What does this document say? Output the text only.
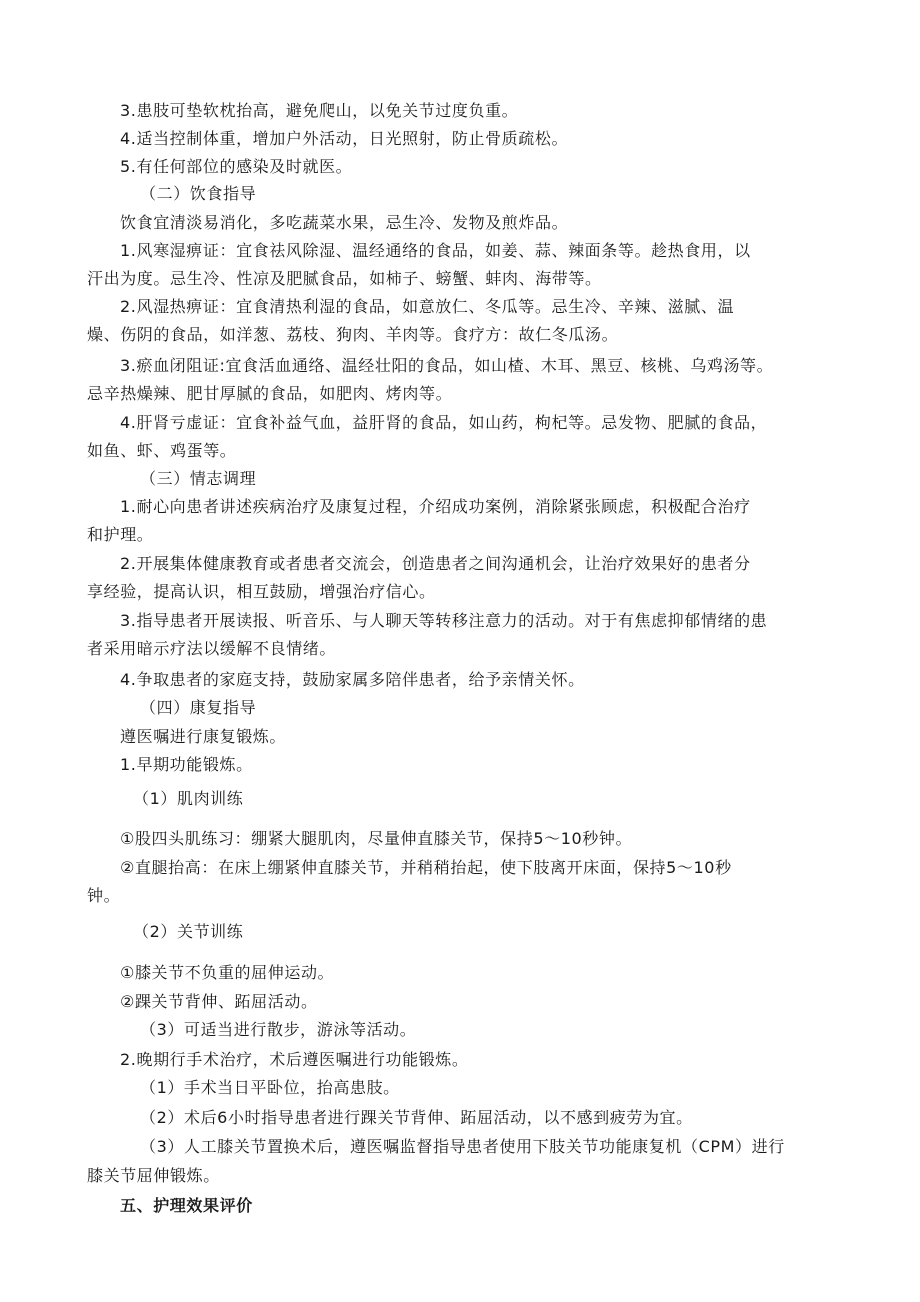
3.患肢可垫软枕抬高，避免爬山，以免关节过度负重。
4.适当控制体重，增加户外活动，日光照射，防止骨质疏松。
5.有任何部位的感染及时就医。
（二）饮食指导
饮食宜清淡易消化，多吃蔬菜水果，忌生冷、发物及煎炸品。
1.风寒湿痹证：宜食祛风除湿、温经通络的食品，如姜、蒜、辣面条等。趁热食用，以
汗出为度。忌生冷、性凉及肥腻食品，如柿子、螃蟹、蚌肉、海带等。
2.风湿热痹证：宜食清热利湿的食品，如意放仁、冬瓜等。忌生冷、辛辣、滋腻、温
燥、伤阴的食品，如洋葱、荔枝、狗肉、羊肉等。食疗方：故仁冬瓜汤。
3.瘀血闭阻证:宜食活血通络、温经壮阳的食品，如山楂、木耳、黑豆、核桃、乌鸡汤等。
忌辛热燥辣、肥甘厚腻的食品，如肥肉、烤肉等。
4.肝肾亏虚证：宜食补益气血，益肝肾的食品，如山药，枸杞等。忌发物、肥腻的食品，
如鱼、虾、鸡蛋等。
（三）情志调理
1.耐心向患者讲述疾病治疗及康复过程，介绍成功案例，消除紧张顾虑，积极配合治疗
和护理。
2.开展集体健康教育或者患者交流会，创造患者之间沟通机会，让治疗效果好的患者分
享经验，提高认识，相互鼓励，增强治疗信心。
3.指导患者开展读报、听音乐、与人聊天等转移注意力的活动。对于有焦虑抑郁情绪的患
者采用暗示疗法以缓解不良情绪。
4.争取患者的家庭支持，鼓励家属多陪伴患者，给予亲情关怀。
（四）康复指导
遵医嘱进行康复锻炼。
1.早期功能锻炼。
（1）肌肉训练
①股四头肌练习：绷紧大腿肌肉，尽量伸直膝关节，保持5～10秒钟。
②直腿抬高：在床上绷紧伸直膝关节，并稍稍抬起，使下肢离开床面，保持5～10秒
钟。
（2）关节训练
①膝关节不负重的屈伸运动。
②踝关节背伸、跖屈活动。
（3）可适当进行散步，游泳等活动。
2.晚期行手术治疗，术后遵医嘱进行功能锻炼。
（1）手术当日平卧位，抬高患肢。
（2）术后6小时指导患者进行踝关节背伸、跖屈活动，以不感到疲劳为宜。
（3）人工膝关节置换术后，遵医嘱监督指导患者使用下肢关节功能康复机（CPM）进行
膝关节屈伸锻炼。
五、护理效果评价
